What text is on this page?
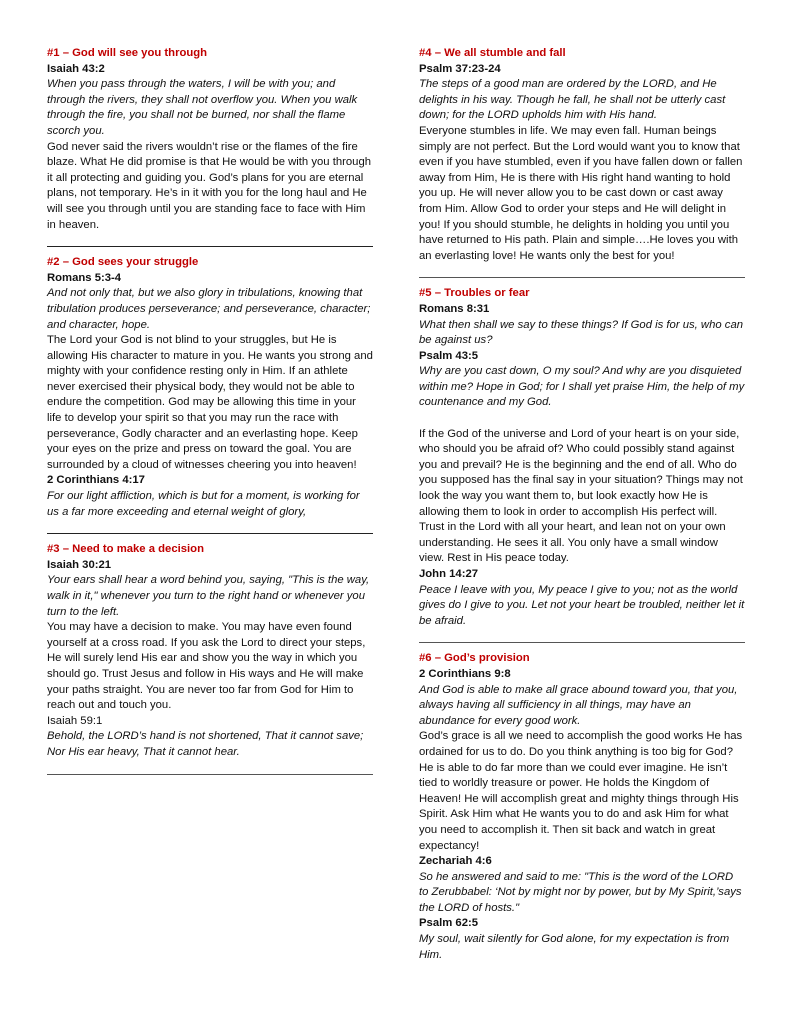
#1 – God will see you through

Isaiah 43:2

When you pass through the waters, I will be with you; and through the rivers, they shall not overflow you. When you walk through the fire, you shall not be burned, nor shall the flame scorch you.

God never said the rivers wouldn’t rise or the flames of the fire blaze. What He did promise is that He would be with you through it all protecting and guiding you. God’s plans for you are eternal plans, not temporary. He’s in it with you for the long haul and He will see you through until you are standing face to face with Him in heaven.

#2 – God sees your struggle

Romans 5:3-4

And not only that, but we also glory in tribulations, knowing that tribulation produces perseverance; and perseverance, character; and character, hope.

The Lord your God is not blind to your struggles, but He is allowing His character to mature in you. He wants you strong and mighty with your confidence resting only in Him. If an athlete never exercised their physical body, they would not be able to endure the competition. God may be allowing this time in your life to develop your spirit so that you may run the race with perseverance, Godly character and an everlasting hope. Keep your eyes on the prize and press on toward the goal. You are surrounded by a cloud of witnesses cheering you into heaven!

2 Corinthians 4:17

For our light affliction, which is but for a moment, is working for us a far more exceeding and eternal weight of glory,

#3 – Need to make a decision

Isaiah 30:21

Your ears shall hear a word behind you, saying, "This is the way, walk in it," whenever you turn to the right hand or whenever you turn to the left.

You may have a decision to make. You may have even found yourself at a cross road. If you ask the Lord to direct your steps, He will surely lend His ear and show you the way in which you should go. Trust Jesus and follow in His ways and He will make your paths straight. You are never too far from God for Him to reach out and touch you.

Isaiah 59:1

Behold, the LORD’s hand is not shortened, That it cannot save; Nor His ear heavy, That it cannot hear.

#4 – We all stumble and fall

Psalm 37:23-24

The steps of a good man are ordered by the LORD, and He delights in his way. Though he fall, he shall not be utterly cast down; for the LORD upholds him with His hand.

Everyone stumbles in life. We may even fall. Human beings simply are not perfect. But the Lord would want you to know that even if you have stumbled, even if you have fallen down or fallen away from Him, He is there with His right hand wanting to hold you up. He will never allow you to be cast down or cast away from Him. Allow God to order your steps and He will delight in you! If you should stumble, he delights in holding you until you have returned to His path. Plain and simple….He loves you with an everlasting love! He wants only the best for you!

#5 – Troubles or fear

Romans 8:31

What then shall we say to these things? If God is for us, who can be against us?

Psalm 43:5

Why are you cast down, O my soul? And why are you disquieted within me? Hope in God; for I shall yet praise Him, the help of my countenance and my God.

If the God of the universe and Lord of your heart is on your side, who should you be afraid of? Who could possibly stand against you and prevail? He is the beginning and the end of all. Who do you supposed has the final say in your situation? Things may not look the way you want them to, but look exactly how He is allowing them to look in order to accomplish His perfect will. Trust in the Lord with all your heart, and lean not on your own understanding. He sees it all. You only have a small window view. Rest in His peace today.

John 14:27

Peace I leave with you, My peace I give to you; not as the world gives do I give to you. Let not your heart be troubled, neither let it be afraid.

#6 – God’s provision

2 Corinthians 9:8

And God is able to make all grace abound toward you, that you, always having all sufficiency in all things, may have an abundance for every good work.

God’s grace is all we need to accomplish the good works He has ordained for us to do. Do you think anything is too big for God? He is able to do far more than we could ever imagine. He isn’t tied to worldly treasure or power. He holds the Kingdom of Heaven! He will accomplish great and mighty things through His Spirit. Ask Him what He wants you to do and ask Him for what you need to accomplish it. Then sit back and watch in great expectancy!

Zechariah 4:6

So he answered and said to me: "This is the word of the LORD to Zerubbabel: ‘Not by might nor by power, but by My Spirit,’says the LORD of hosts."

Psalm 62:5

My soul, wait silently for God alone, for my expectation is from Him.
